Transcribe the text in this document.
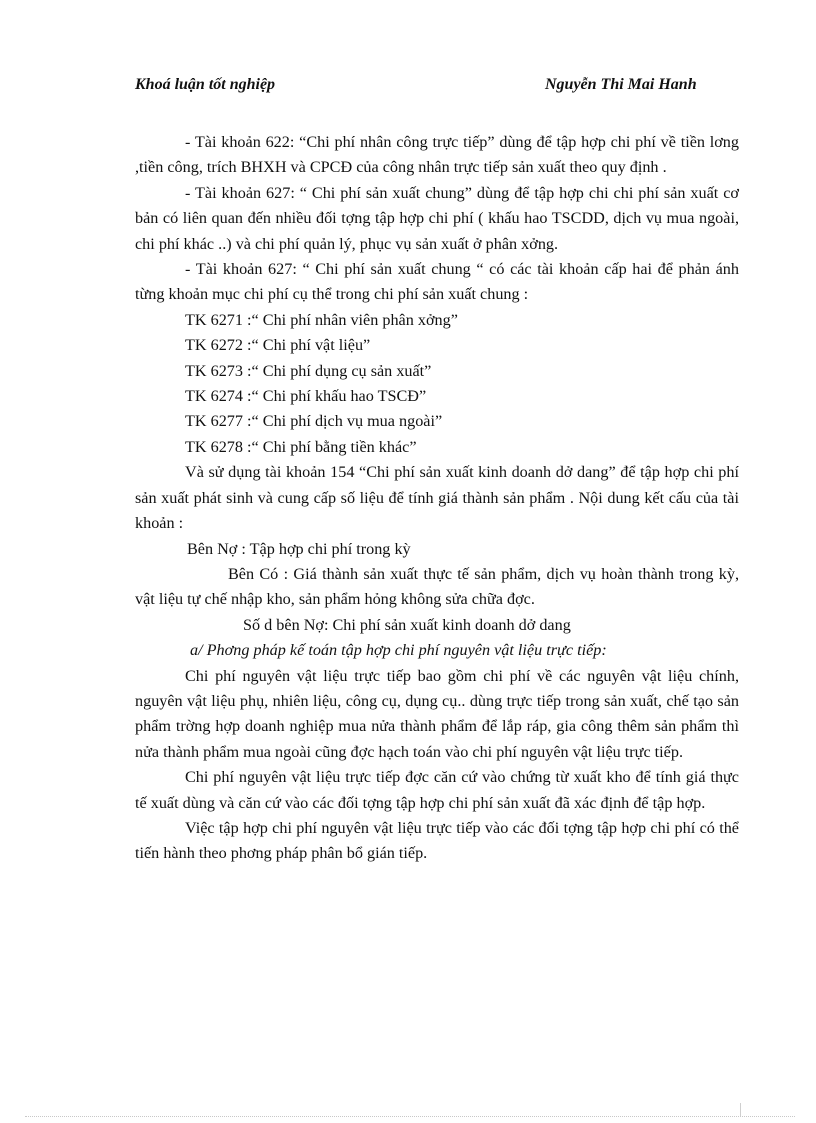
Khoá luận tốt nghiệp	Nguyễn Thi Mai Hanh

- Tài khoản 622: “Chi phí nhân công trực tiếp” dùng để tập hợp chi phí về tiền lơng ,tiền công, trích BHXH và CPCĐ của công nhân trực tiếp sản xuất theo quy định .

- Tài khoản 627: “ Chi phí sản xuất chung” dùng để tập hợp chi chi phí sản xuất cơ bản có liên quan đến nhiều đối tợng tập hợp chi phí ( khấu hao TSCDD, dịch vụ mua ngoài, chi phí khác ..) và chi phí quản lý, phục vụ sản xuất ở phân xởng.

- Tài khoản 627: “ Chi phí sản xuất chung “ có các tài khoản cấp hai để phản ánh từng khoản mục chi phí cụ thể trong chi phí sản xuất chung :

TK 6271 :“ Chi phí nhân viên phân xởng”
TK 6272 :“ Chi phí vật liệu”
TK 6273 :“ Chi phí dụng cụ sản xuất”
TK 6274 :“ Chi phí khấu hao TSCĐ”
TK 6277 :“ Chi phí dịch vụ mua ngoài”
TK 6278 :“ Chi phí bằng tiền khác”

Và sử dụng tài khoản 154 “Chi phí sản xuất kinh doanh dở dang” để tập hợp chi phí sản xuất phát sinh và cung cấp số liệu để tính giá thành sản phẩm . Nội dung kết cấu của tài khoản :

Bên Nợ : Tập hợp chi phí trong kỳ

Bên Có : Giá thành sản xuất thực tế sản phẩm, dịch vụ hoàn thành trong kỳ, vật liệu tự chế nhập kho, sản phẩm hỏng không sửa chữa đợc.

Số d bên Nợ: Chi phí sản xuất kinh doanh dở dang

a/ Phơng pháp kế toán tập hợp chi phí nguyên vật liệu trực tiếp:

Chi phí nguyên vật liệu trực tiếp bao gồm chi phí về các nguyên vật liệu chính, nguyên vật liệu phụ, nhiên liệu, công cụ, dụng cụ.. dùng trực tiếp trong sản xuất, chế tạo sản phẩm trờng hợp doanh nghiệp mua nửa thành phẩm để lắp ráp, gia công thêm sản phẩm thì nửa thành phẩm mua ngoài cũng đợc hạch toán vào chi phí nguyên vật liệu trực tiếp.

Chi phí nguyên vật liệu trực tiếp đợc căn cứ vào chứng từ xuất kho để tính giá thực tế xuất dùng và căn cứ vào các đối tợng tập hợp chi phí sản xuất đã xác định để tập hợp.

Việc tập hợp chi phí nguyên vật liệu trực tiếp vào các đối tợng tập hợp chi phí có thể tiến hành theo phơng pháp phân bổ gián tiếp.
